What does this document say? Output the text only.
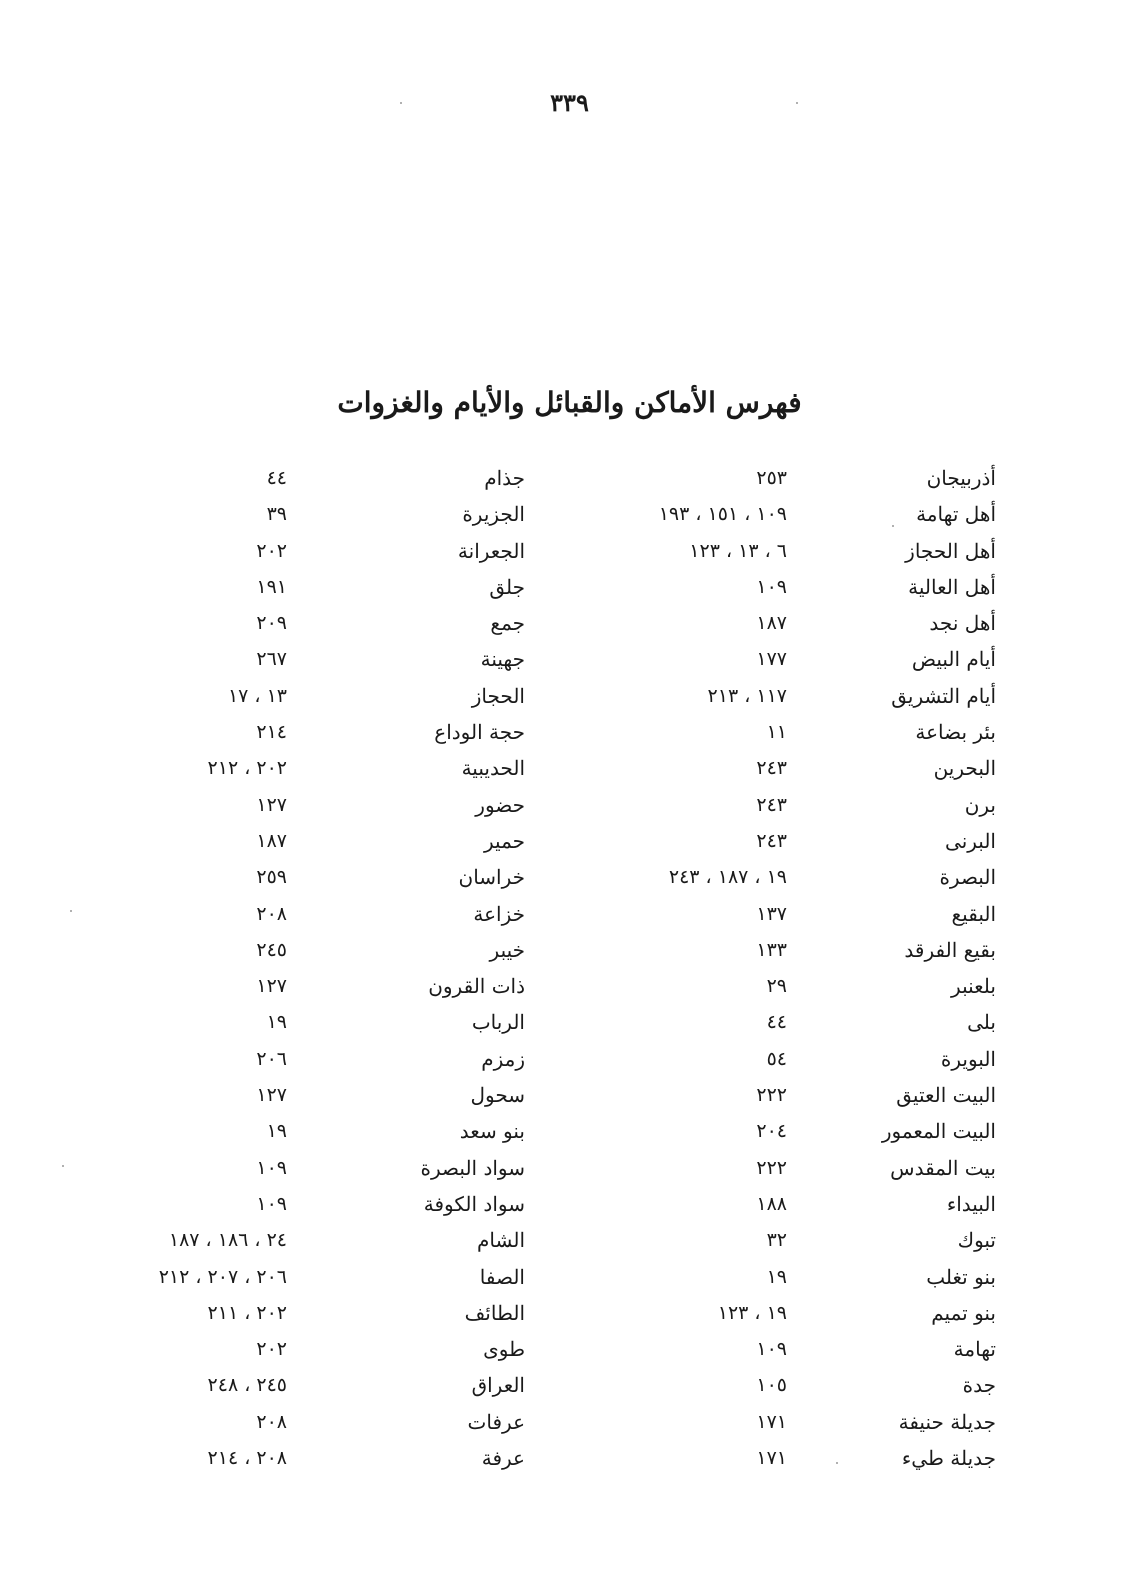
٣٣٩
فهرس الأماكن والقبائل والأيام والغزوات
أذربيجان
٢٥٣
جذام
٤٤
أهل تهامة
١٠٩ ، ١٥١ ، ١٩٣
الجزيرة
٣٩
أهل الحجاز
٦ ، ١٣ ، ١٢٣
الجعرانة
٢٠٢
أهل العالية
١٠٩
جلق
١٩١
أهل نجد
١٨٧
جمع
٢٠٩
أيام البيض
١٧٧
جهينة
٢٦٧
أيام التشريق
١١٧ ، ٢١٣
الحجاز
١٣ ، ١٧
بئر بضاعة
١١
حجة الوداع
٢١٤
البحرين
٢٤٣
الحديبية
٢٠٢ ، ٢١٢
برن
٢٤٣
حضور
١٢٧
البرنى
٢٤٣
حمير
١٨٧
البصرة
١٩ ، ١٨٧ ، ٢٤٣
خراسان
٢٥٩
البقيع
١٣٧
خزاعة
٢٠٨
بقيع الفرقد
١٣٣
خيبر
٢٤٥
بلعنبر
٢٩
ذات القرون
١٢٧
بلى
٤٤
الرباب
١٩
البويرة
٥٤
زمزم
٢٠٦
البيت العتيق
٢٢٢
سحول
١٢٧
البيت المعمور
٢٠٤
بنو سعد
١٩
بيت المقدس
٢٢٢
سواد البصرة
١٠٩
البيداء
١٨٨
سواد الكوفة
١٠٩
تبوك
٣٢
الشام
٢٤ ، ١٨٦ ، ١٨٧
بنو تغلب
١٩
الصفا
٢٠٦ ، ٢٠٧ ، ٢١٢
بنو تميم
١٩ ، ١٢٣
الطائف
٢٠٢ ، ٢١١
تهامة
١٠٩
طوى
٢٠٢
جدة
١٠٥
العراق
٢٤٥ ، ٢٤٨
جديلة حنيفة
١٧١
عرفات
٢٠٨
جديلة طيء
١٧١
عرفة
٢٠٨ ، ٢١٤
